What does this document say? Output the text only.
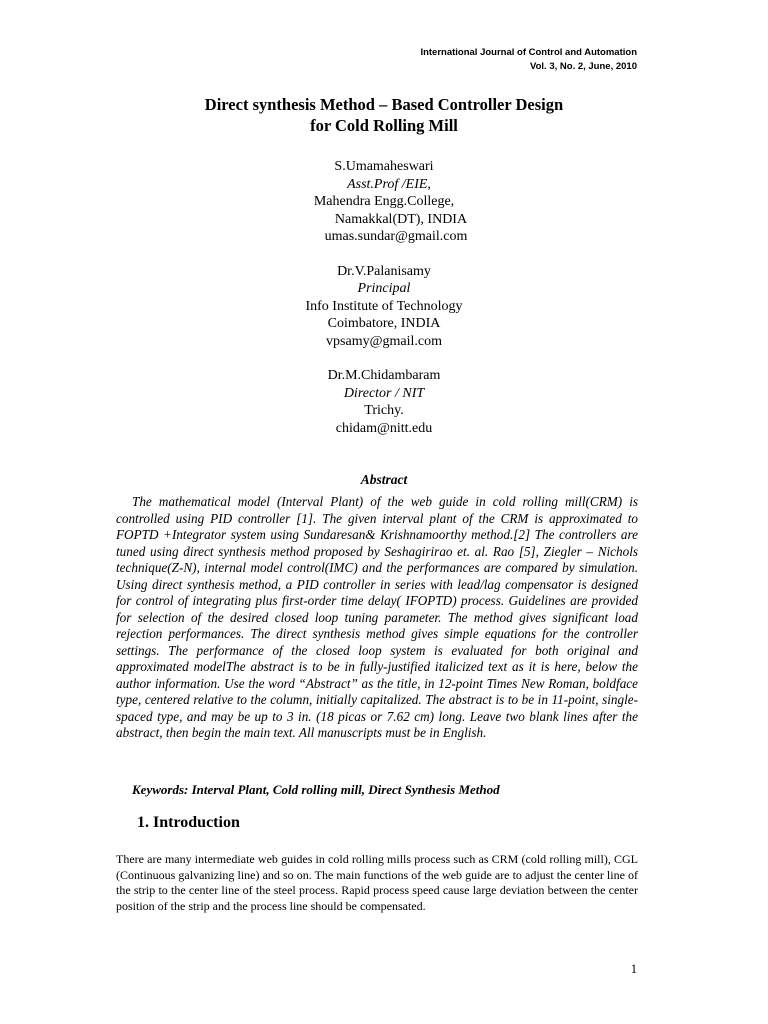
International Journal of Control and Automation
Vol. 3, No. 2, June, 2010
Direct synthesis Method – Based Controller Design
for Cold Rolling Mill
S.Umamaheswari
Asst.Prof /EIE,
Mahendra Engg.College,
Namakkal(DT), INDIA
umas.sundar@gmail.com
Dr.V.Palanisamy
Principal
Info Institute of Technology
Coimbatore, INDIA
vpsamy@gmail.com
Dr.M.Chidambaram
Director / NIT
Trichy.
chidam@nitt.edu
Abstract

The mathematical model (Interval Plant) of the web guide in cold rolling mill(CRM) is controlled using PID controller [1]. The given interval plant of the CRM is approximated to FOPTD +Integrator system using Sundaresan& Krishnamoorthy method.[2] The controllers are tuned using direct synthesis method proposed by Seshagirirao et. al. Rao [5], Ziegler – Nichols technique(Z-N), internal model control(IMC) and the performances are compared by simulation. Using direct synthesis method, a PID controller in series with lead/lag compensator is designed for control of integrating plus first-order time delay( IFOPTD) process. Guidelines are provided for selection of the desired closed loop tuning parameter. The method gives significant load rejection performances. The direct synthesis method gives simple equations for the controller settings. The performance of the closed loop system is evaluated for both original and approximated modelThe abstract is to be in fully-justified italicized text as it is here, below the author information. Use the word “Abstract” as the title, in 12-point Times New Roman, boldface type, centered relative to the column, initially capitalized. The abstract is to be in 11-point, single-spaced type, and may be up to 3 in. (18 picas or 7.62 cm) long. Leave two blank lines after the abstract, then begin the main text. All manuscripts must be in English.

Keywords: Interval Plant, Cold rolling mill, Direct Synthesis Method
1. Introduction

There are many intermediate web guides in cold rolling mills process such as CRM (cold rolling mill), CGL (Continuous galvanizing line) and so on. The main functions of the web guide are to adjust the center line of the strip to the center line of the steel process. Rapid process speed cause large deviation between the center position of the strip and the process line should be compensated.

1
